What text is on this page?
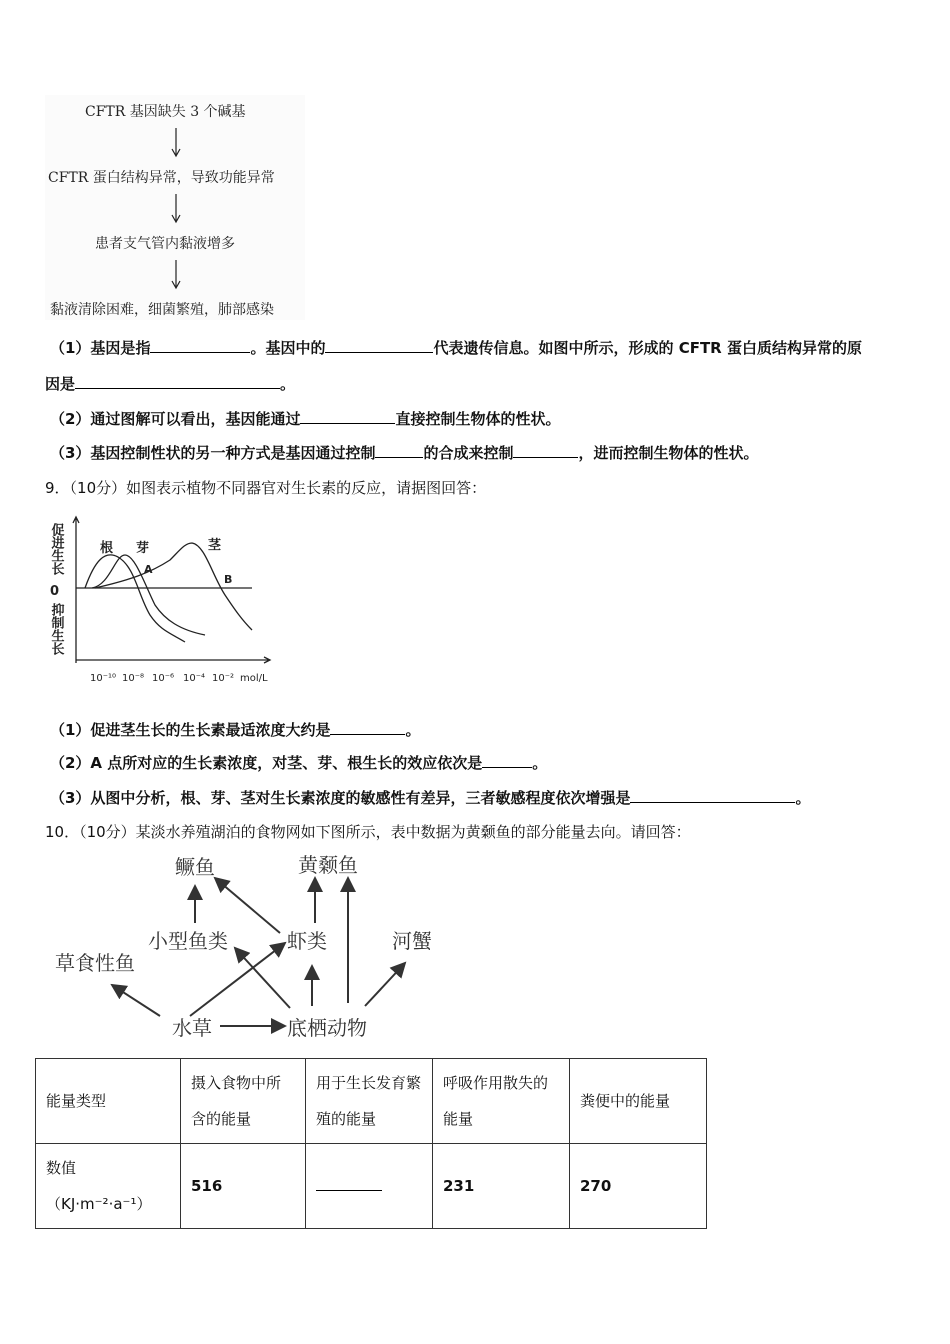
CFTR 基因缺失 3 个碱基
CFTR 蛋白结构异常，导致功能异常
患者支气管内黏液增多
黏液清除困难，细菌繁殖，肺部感染
（1）基因是指	。基因中的	代表遗传信息。如图中所示，形成的 CFTR 蛋白质结构异常的原
因是	。
（2）通过图解可以看出，基因能通过	直接控制生物体的性状。
（3）基因控制性状的另一种方式是基因通过控制	的合成来控制	，进而控制生物体的性状。
9．（10分）如图表示植物不同器官对生长素的反应，请据图回答：
促进生长
0
抑制生长
根 芽	茎
A
B
10⁻¹⁰ 10⁻⁸ 10⁻⁶ 10⁻⁴ 10⁻² mol/L
（1）促进茎生长的生长素最适浓度大约是	。
（2）A 点所对应的生长素浓度，对茎、芽、根生长的效应依次是	。
（3）从图中分析，根、芽、茎对生长素浓度的敏感性有差异，三者敏感程度依次增强是	。
10．（10分）某淡水养殖湖泊的食物网如下图所示，表中数据为黄颡鱼的部分能量去向。请回答：
鳜鱼	黄颡鱼
小型鱼类	虾类	河蟹
草食性鱼
水草	底栖动物
能量类型	摄入食物中所含的能量	用于生长发育繁殖的能量	呼吸作用散失的能量	粪便中的能量
数值（KJ·m⁻²·a⁻¹）	516		231	270
